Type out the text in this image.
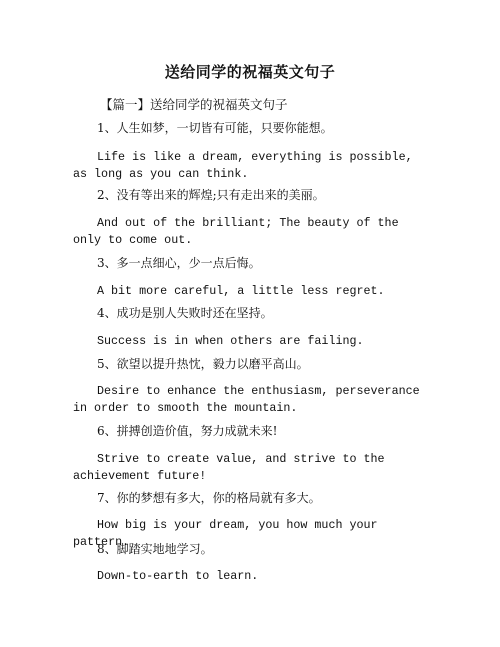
送给同学的祝福英文句子

【篇一】送给同学的祝福英文句子

1、人生如梦，一切皆有可能，只要你能想。

Life is like a dream, everything is possible, as long as you can think.

2、没有等出来的辉煌;只有走出来的美丽。

And out of the brilliant; The beauty of the only to come out.

3、多一点细心，少一点后悔。

A bit more careful, a little less regret.

4、成功是别人失败时还在坚持。

Success is in when others are failing.

5、欲望以提升热忱，毅力以磨平高山。

Desire to enhance the enthusiasm, perseverance in order to smooth the mountain.

6、拼搏创造价值，努力成就未来!

Strive to create value, and strive to the achievement future!

7、你的梦想有多大，你的格局就有多大。

How big is your dream, you how much your pattern.

8、脚踏实地地学习。

Down-to-earth to learn.
